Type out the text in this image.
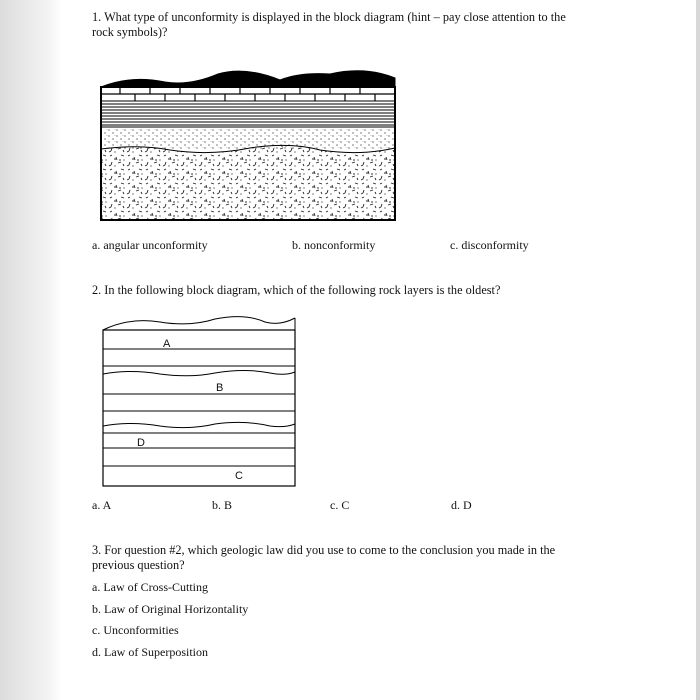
1. What type of unconformity is displayed in the block diagram (hint – pay close attention to the
rock symbols)?
a. angular unconformity	b. nonconformity	c. disconformity
2. In the following block diagram, which of the following rock layers is the oldest?
A
B
C
D
a. A	b. B	c. C	d. D
3. For question #2, which geologic law did you use to come to the conclusion you made in the
previous question?
a. Law of Cross-Cutting
b. Law of Original Horizontality
c. Unconformities
d. Law of Superposition
